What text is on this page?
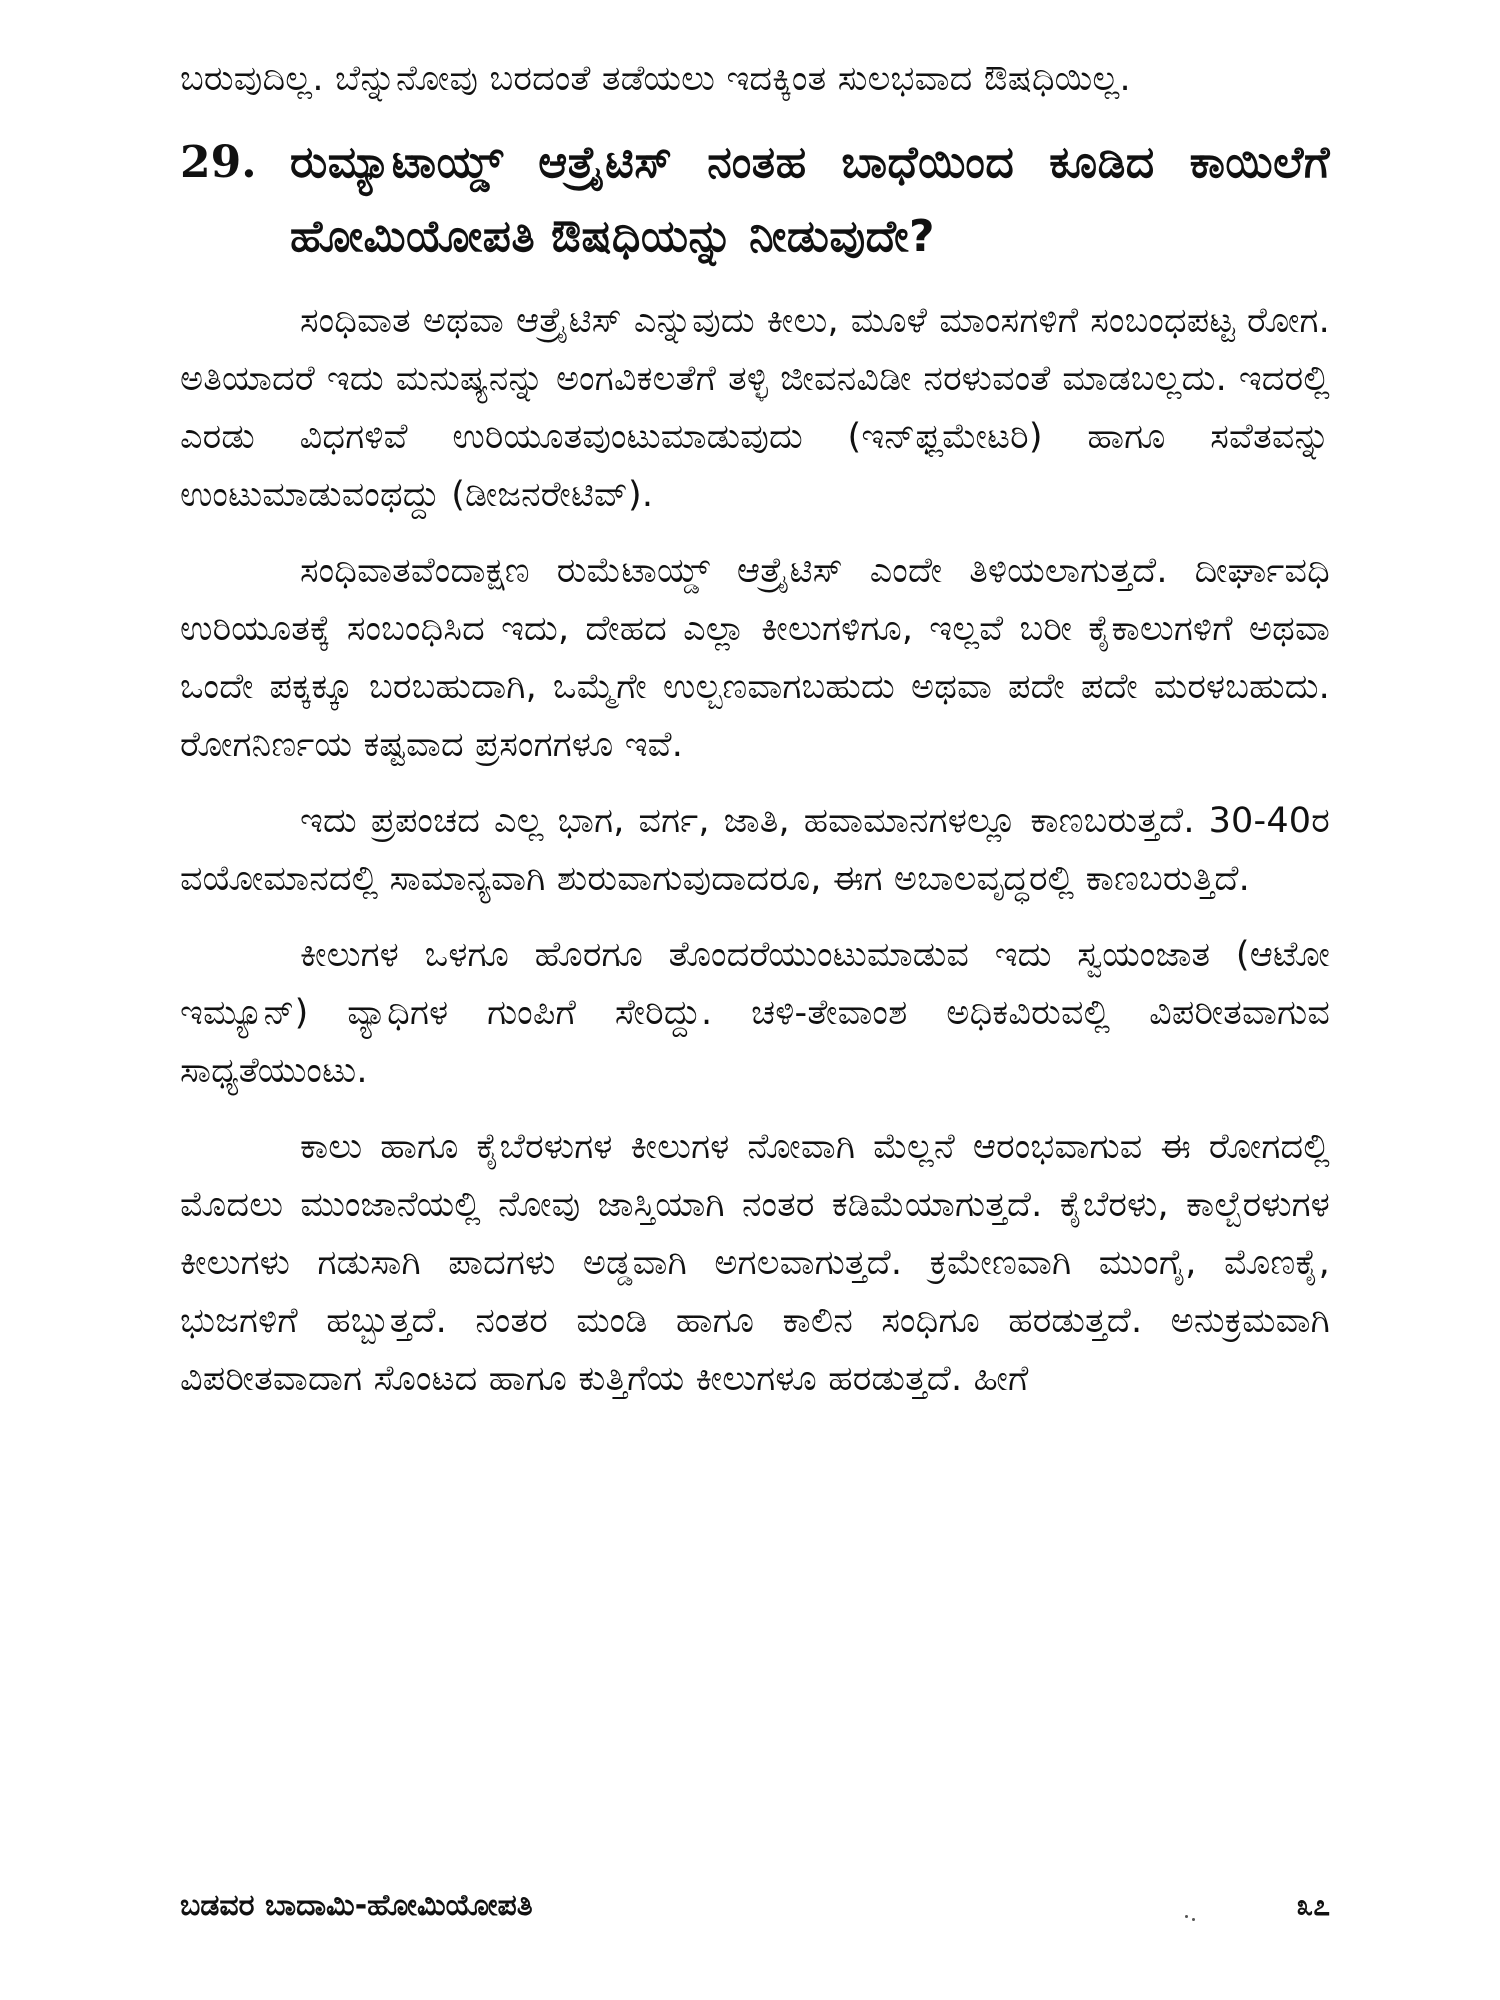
ಬರುವುದಿಲ್ಲ. ಬೆನ್ನುನೋವು ಬರದಂತೆ ತಡೆಯಲು ಇದಕ್ಕಿಂತ ಸುಲಭವಾದ ಔಷಧಿಯಿಲ್ಲ.

29. ರುಮ್ಯಾಟಾಯ್ಡ್ ಆತ್ರೈಟಿಸ್ ನಂತಹ ಬಾಧೆಯಿಂದ ಕೂಡಿದ ಕಾಯಿಲೆಗೆ ಹೋಮಿಯೋಪತಿ ಔಷಧಿಯನ್ನು ನೀಡುವುದೇ?

ಸಂಧಿವಾತ ಅಥವಾ ಆತ್ರೈಟಿಸ್ ಎನ್ನುವುದು ಕೀಲು, ಮೂಳೆ ಮಾಂಸಗಳಿಗೆ ಸಂಬಂಧಪಟ್ಟ ರೋಗ. ಅತಿಯಾದರೆ ಇದು ಮನುಷ್ಯನನ್ನು ಅಂಗವಿಕಲತೆಗೆ ತಳ್ಳಿ ಜೀವನವಿಡೀ ನರಳುವಂತೆ ಮಾಡಬಲ್ಲದು. ಇದರಲ್ಲಿ ಎರಡು ವಿಧಗಳಿವೆ ಉರಿಯೂತವುಂಟುಮಾಡುವುದು (ಇನ್‌ಫ್ಲಮೇಟರಿ) ಹಾಗೂ ಸವೆತವನ್ನು ಉಂಟುಮಾಡುವಂಥದ್ದು (ಡೀಜನರೇಟಿವ್).

ಸಂಧಿವಾತವೆಂದಾಕ್ಷಣ ರುಮೆಟಾಯ್ಡ್ ಆತ್ರೈಟಿಸ್ ಎಂದೇ ತಿಳಿಯಲಾಗುತ್ತದೆ. ದೀರ್ಘಾವಧಿ ಉರಿಯೂತಕ್ಕೆ ಸಂಬಂಧಿಸಿದ ಇದು, ದೇಹದ ಎಲ್ಲಾ ಕೀಲುಗಳಿಗೂ, ಇಲ್ಲವೆ ಬರೀ ಕೈಕಾಲುಗಳಿಗೆ ಅಥವಾ ಒಂದೇ ಪಕ್ಕಕ್ಕೂ ಬರಬಹುದಾಗಿ, ಒಮ್ಮೆಗೇ ಉಲ್ಬಣವಾಗಬಹುದು ಅಥವಾ ಪದೇ ಪದೇ ಮರಳಬಹುದು. ರೋಗನಿರ್ಣಯ ಕಷ್ಟವಾದ ಪ್ರಸಂಗಗಳೂ ಇವೆ.

ಇದು ಪ್ರಪಂಚದ ಎಲ್ಲ ಭಾಗ, ವರ್ಗ, ಜಾತಿ, ಹವಾಮಾನಗಳಲ್ಲೂ ಕಾಣಬರುತ್ತದೆ. 30-40ರ ವಯೋಮಾನದಲ್ಲಿ ಸಾಮಾನ್ಯವಾಗಿ ಶುರುವಾಗುವುದಾದರೂ, ಈಗ ಅಬಾಲವೃದ್ಧರಲ್ಲಿ ಕಾಣಬರುತ್ತಿದೆ.

ಕೀಲುಗಳ ಒಳಗೂ ಹೊರಗೂ ತೊಂದರೆಯುಂಟುಮಾಡುವ ಇದು ಸ್ವಯಂಜಾತ (ಆಟೋ ಇಮ್ಯೂನ್) ವ್ಯಾಧಿಗಳ ಗುಂಪಿಗೆ ಸೇರಿದ್ದು. ಚಳಿ-ತೇವಾಂಶ ಅಧಿಕವಿರುವಲ್ಲಿ ವಿಪರೀತವಾಗುವ ಸಾಧ್ಯತೆಯುಂಟು.

ಕಾಲು ಹಾಗೂ ಕೈಬೆರಳುಗಳ ಕೀಲುಗಳ ನೋವಾಗಿ ಮೆಲ್ಲನೆ ಆರಂಭವಾಗುವ ಈ ರೋಗದಲ್ಲಿ ಮೊದಲು ಮುಂಜಾನೆಯಲ್ಲಿ ನೋವು ಜಾಸ್ತಿಯಾಗಿ ನಂತರ ಕಡಿಮೆಯಾಗುತ್ತದೆ. ಕೈಬೆರಳು, ಕಾಲ್ಬೆರಳುಗಳ ಕೀಲುಗಳು ಗಡುಸಾಗಿ ಪಾದಗಳು ಅಡ್ಡವಾಗಿ ಅಗಲವಾಗುತ್ತದೆ. ಕ್ರಮೇಣವಾಗಿ ಮುಂಗೈ, ಮೊಣಕೈ, ಭುಜಗಳಿಗೆ ಹಬ್ಬುತ್ತದೆ. ನಂತರ ಮಂಡಿ ಹಾಗೂ ಕಾಲಿನ ಸಂಧಿಗೂ ಹರಡುತ್ತದೆ. ಅನುಕ್ರಮವಾಗಿ ವಿಪರೀತವಾದಾಗ ಸೊಂಟದ ಹಾಗೂ ಕುತ್ತಿಗೆಯ ಕೀಲುಗಳೂ ಹರಡುತ್ತದೆ. ಹೀಗೆ

ಬಡವರ ಬಾದಾಮಿ-ಹೋಮಿಯೋಪತಿ	೩೭
